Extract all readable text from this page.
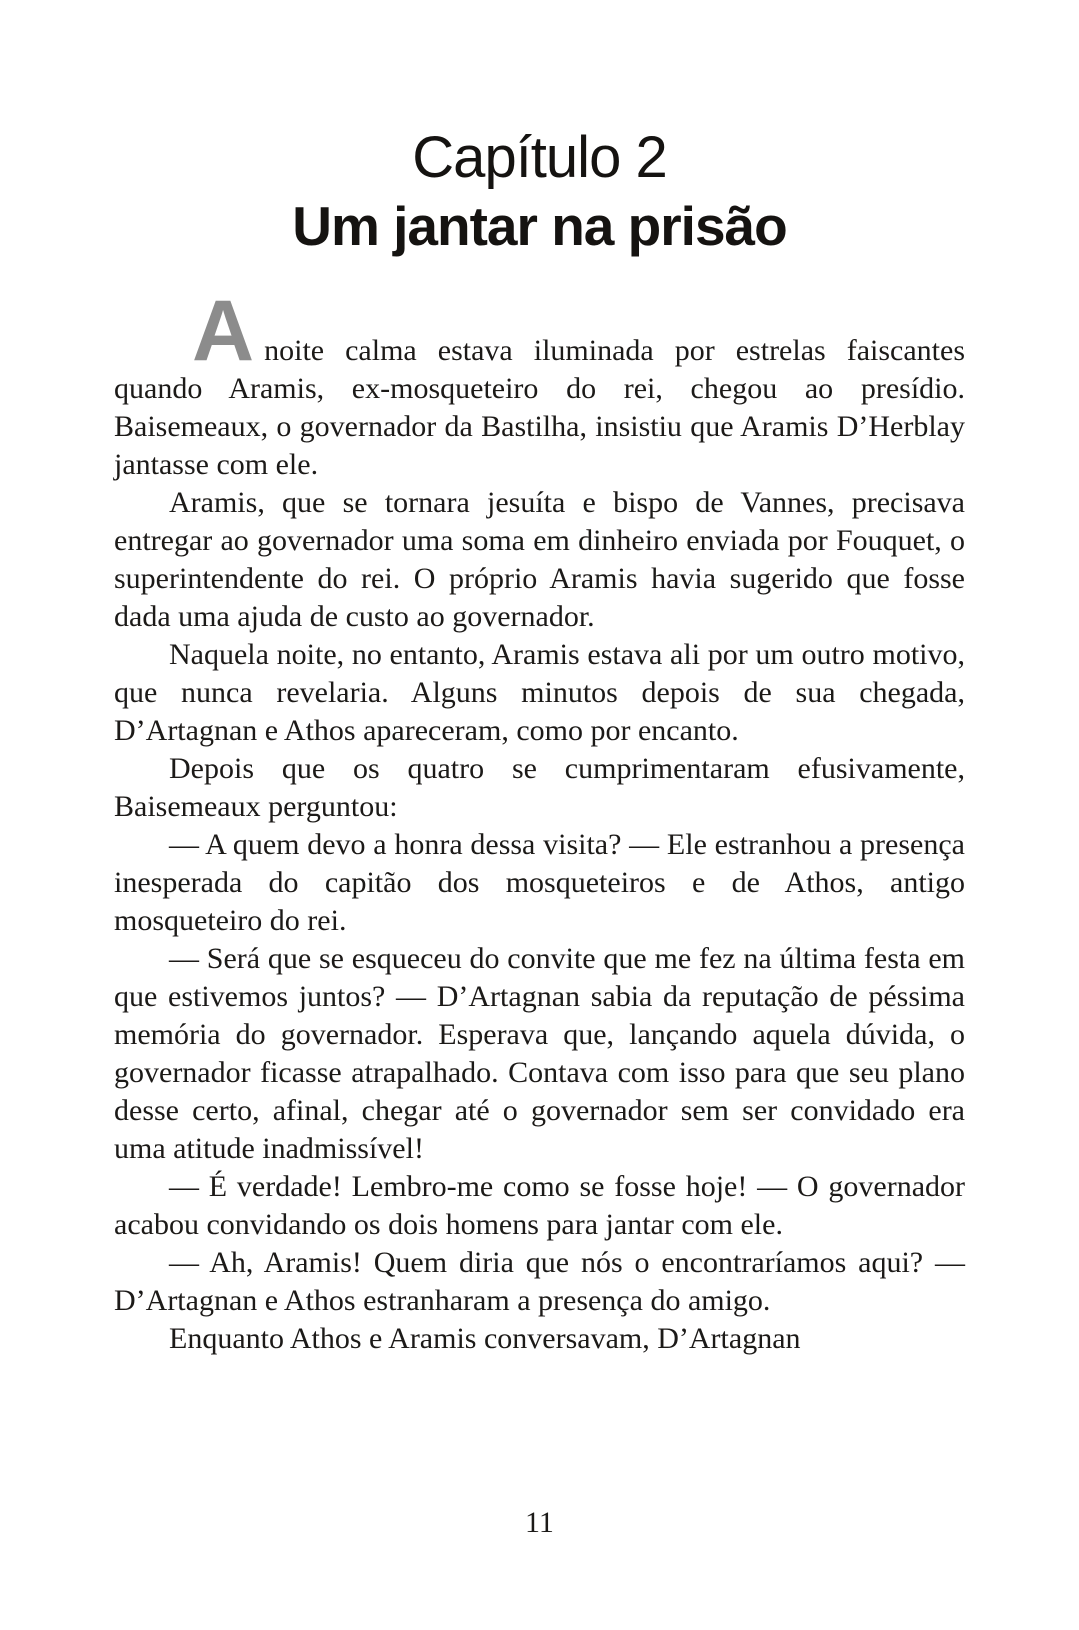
Capítulo 2
Um jantar na prisão

Anoite calma estava iluminada por estrelas faiscantes quando Aramis, ex-mosqueteiro do rei, chegou ao presídio. Baisemeaux, o governador da Bastilha, insistiu que Aramis D’Herblay jantasse com ele.

Aramis, que se tornara jesuíta e bispo de Vannes, precisava entregar ao governador uma soma em dinheiro enviada por Fouquet, o superintendente do rei. O próprio Aramis havia sugerido que fosse dada uma ajuda de custo ao governador.

Naquela noite, no entanto, Aramis estava ali por um outro motivo, que nunca revelaria. Alguns minutos depois de sua chegada, D’Artagnan e Athos apareceram, como por encanto.

Depois que os quatro se cumprimentaram efusivamente, Baisemeaux perguntou:

— A quem devo a honra dessa visita? — Ele estranhou a presença inesperada do capitão dos mosqueteiros e de Athos, antigo mosqueteiro do rei.

— Será que se esqueceu do convite que me fez na última festa em que estivemos juntos? — D’Artagnan sabia da reputação de péssima memória do governador. Esperava que, lançando aquela dúvida, o governador ficasse atrapalhado. Contava com isso para que seu plano desse certo, afinal, chegar até o governador sem ser convidado era uma atitude inadmissível!

— É verdade! Lembro-me como se fosse hoje! — O governador acabou convidando os dois homens para jantar com ele.

— Ah, Aramis! Quem diria que nós o encontraríamos aqui? — D’Artagnan e Athos estranharam a presença do amigo.

Enquanto Athos e Aramis conversavam, D’Artagnan

11
